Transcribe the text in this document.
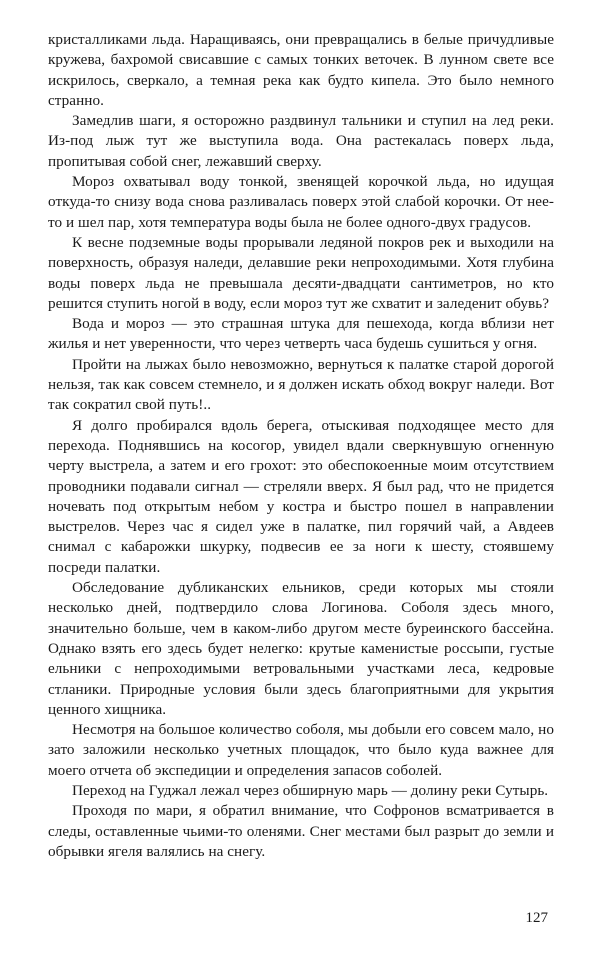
кристалликами льда. Наращиваясь, они превращались в белые причудливые кружева, бахромой свисавшие с самых тонких веточек. В лунном свете все искрилось, сверкало, а темная река как будто кипела. Это было немного странно.

Замедлив шаги, я осторожно раздвинул тальники и ступил на лед реки. Из-под лыж тут же выступила вода. Она растекалась поверх льда, пропитывая собой снег, лежавший сверху.

Мороз охватывал воду тонкой, звенящей корочкой льда, но идущая откуда-то снизу вода снова разливалась поверх этой слабой корочки. От нее-то и шел пар, хотя температура воды была не более одного-двух градусов.

К весне подземные воды прорывали ледяной покров рек и выходили на поверхность, образуя наледи, делавшие реки непроходимыми. Хотя глубина воды поверх льда не превышала десяти-двадцати сантиметров, но кто решится ступить ногой в воду, если мороз тут же схватит и заледенит обувь?

Вода и мороз — это страшная штука для пешехода, когда вблизи нет жилья и нет уверенности, что через четверть часа будешь сушиться у огня.

Пройти на лыжах было невозможно, вернуться к палатке старой дорогой нельзя, так как совсем стемнело, и я должен искать обход вокруг наледи. Вот так сократил свой путь!..

Я долго пробирался вдоль берега, отыскивая подходящее место для перехода. Поднявшись на косогор, увидел вдали сверкнувшую огненную черту выстрела, а затем и его грохот: это обеспокоенные моим отсутствием проводники подавали сигнал — стреляли вверх. Я был рад, что не придется ночевать под открытым небом у костра и быстро пошел в направлении выстрелов. Через час я сидел уже в палатке, пил горячий чай, а Авдеев снимал с кабарожки шкурку, подвесив ее за ноги к шесту, стоявшему посреди палатки.

Обследование дубликанских ельников, среди которых мы стояли несколько дней, подтвердило слова Логинова. Соболя здесь много, значительно больше, чем в каком-либо другом месте буреинского бассейна. Однако взять его здесь будет нелегко: крутые каменистые россыпи, густые ельники с непроходимыми ветровальными участками леса, кедровые стланики. Природные условия были здесь благоприятными для укрытия ценного хищника.

Несмотря на большое количество соболя, мы добыли его совсем мало, но зато заложили несколько учетных площадок, что было куда важнее для моего отчета об экспедиции и определения запасов соболей.

Переход на Гуджал лежал через обширную марь — долину реки Сутырь.

Проходя по мари, я обратил внимание, что Софронов всматривается в следы, оставленные чьими-то оленями. Снег местами был разрыт до земли и обрывки ягеля валялись на снегу.

127
